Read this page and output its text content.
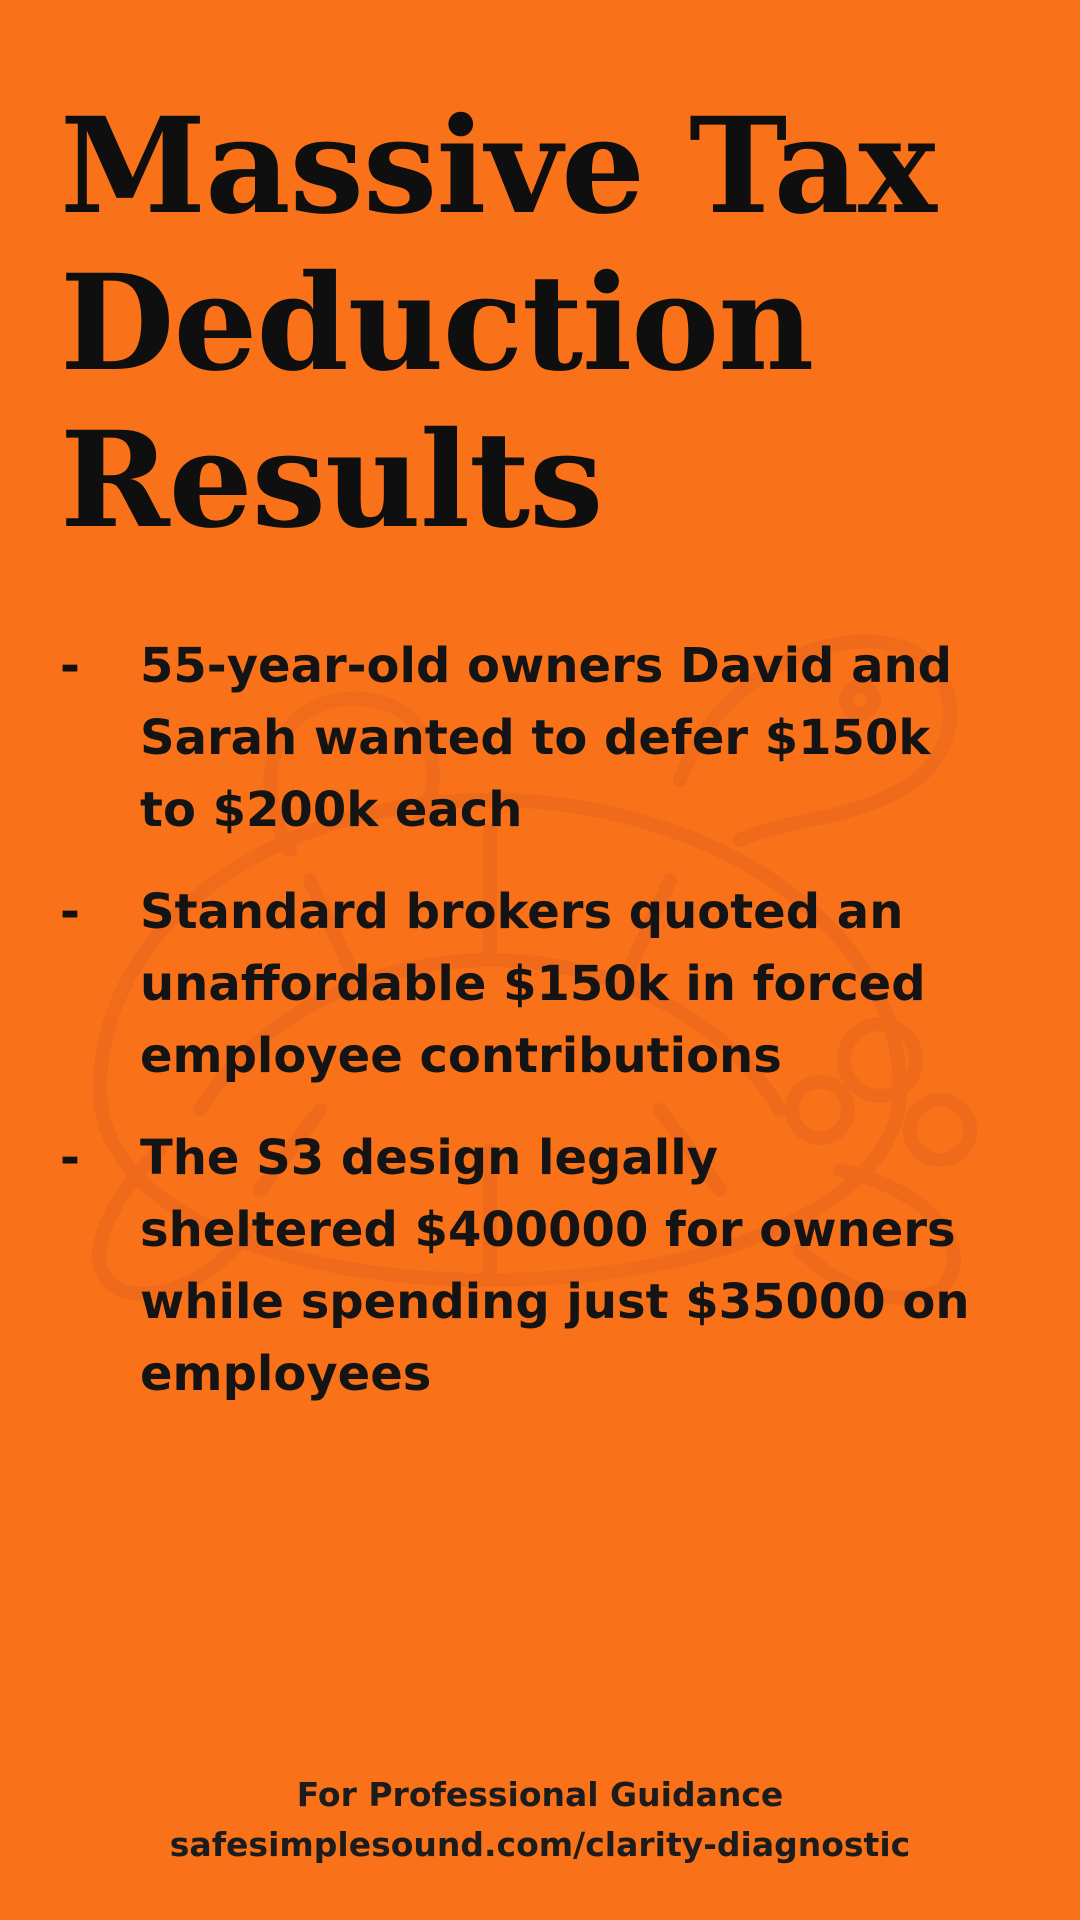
Massive Tax
Deduction
Results
-	55-year-old owners David and Sarah wanted to defer $150k to $200k each
-	Standard brokers quoted an unaffordable $150k in forced employee contributions
-	The S3 design legally sheltered $400000 for owners while spending just $35000 on employees
For Professional Guidance
safesimplesound.com/clarity-diagnostic
